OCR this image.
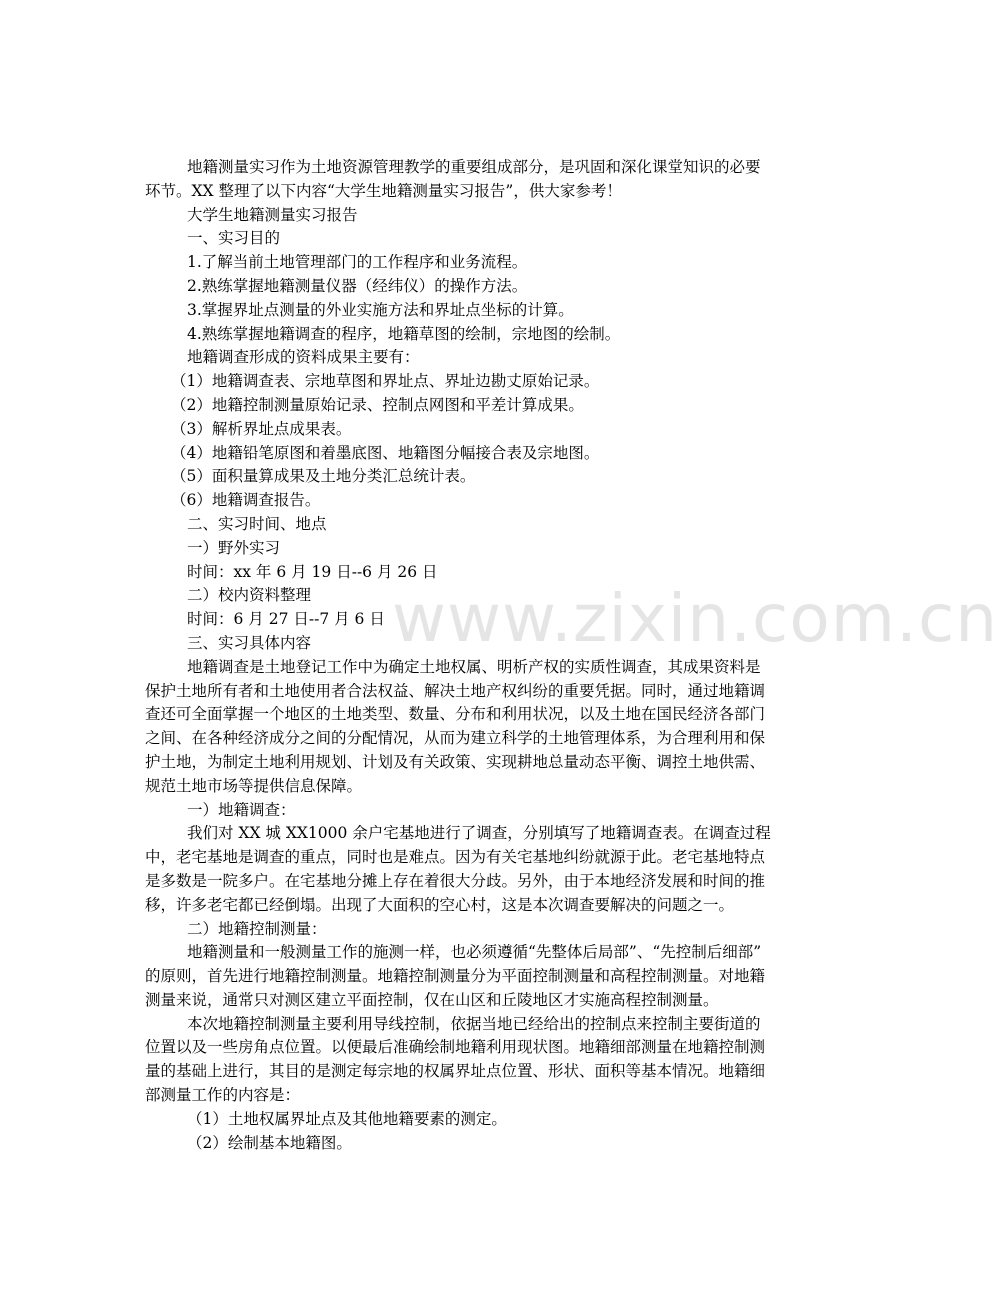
地籍测量实习作为土地资源管理教学的重要组成部分，是巩固和深化课堂知识的必要
环节。XX 整理了以下内容“大学生地籍测量实习报告”，供大家参考！
大学生地籍测量实习报告
一、实习目的
1.了解当前土地管理部门的工作程序和业务流程。
2.熟练掌握地籍测量仪器（经纬仪）的操作方法。
3.掌握界址点测量的外业实施方法和界址点坐标的计算。
4.熟练掌握地籍调查的程序，地籍草图的绘制，宗地图的绘制。
地籍调查形成的资料成果主要有：
（1）地籍调查表、宗地草图和界址点、界址边勘丈原始记录。
（2）地籍控制测量原始记录、控制点网图和平差计算成果。
（3）解析界址点成果表。
（4）地籍铅笔原图和着墨底图、地籍图分幅接合表及宗地图。
（5）面积量算成果及土地分类汇总统计表。
（6）地籍调查报告。
二、实习时间、地点
一）野外实习
时间：xx 年 6 月 19 日--6 月 26 日
二）校内资料整理
时间：6 月 27 日--7 月 6 日
三、实习具体内容
地籍调查是土地登记工作中为确定土地权属、明析产权的实质性调查，其成果资料是
保护土地所有者和土地使用者合法权益、解决土地产权纠纷的重要凭据。同时，通过地籍调
查还可全面掌握一个地区的土地类型、数量、分布和利用状况，以及土地在国民经济各部门
之间、在各种经济成分之间的分配情况，从而为建立科学的土地管理体系，为合理利用和保
护土地，为制定土地利用规划、计划及有关政策、实现耕地总量动态平衡、调控土地供需、
规范土地市场等提供信息保障。
一）地籍调查：
我们对 XX 城 XX1000 余户宅基地进行了调查，分别填写了地籍调查表。在调查过程
中，老宅基地是调查的重点，同时也是难点。因为有关宅基地纠纷就源于此。老宅基地特点
是多数是一院多户。在宅基地分摊上存在着很大分歧。另外，由于本地经济发展和时间的推
移，许多老宅都已经倒塌。出现了大面积的空心村，这是本次调查要解决的问题之一。
二）地籍控制测量：
地籍测量和一般测量工作的施测一样，也必须遵循“先整体后局部”、“先控制后细部”
的原则，首先进行地籍控制测量。地籍控制测量分为平面控制测量和高程控制测量。对地籍
测量来说，通常只对测区建立平面控制，仅在山区和丘陵地区才实施高程控制测量。
本次地籍控制测量主要利用导线控制，依据当地已经给出的控制点来控制主要街道的
位置以及一些房角点位置。以便最后准确绘制地籍利用现状图。地籍细部测量在地籍控制测
量的基础上进行，其目的是测定每宗地的权属界址点位置、形状、面积等基本情况。地籍细
部测量工作的内容是：
（1）土地权属界址点及其他地籍要素的测定。
（2）绘制基本地籍图。
www.zixin.com.cn
